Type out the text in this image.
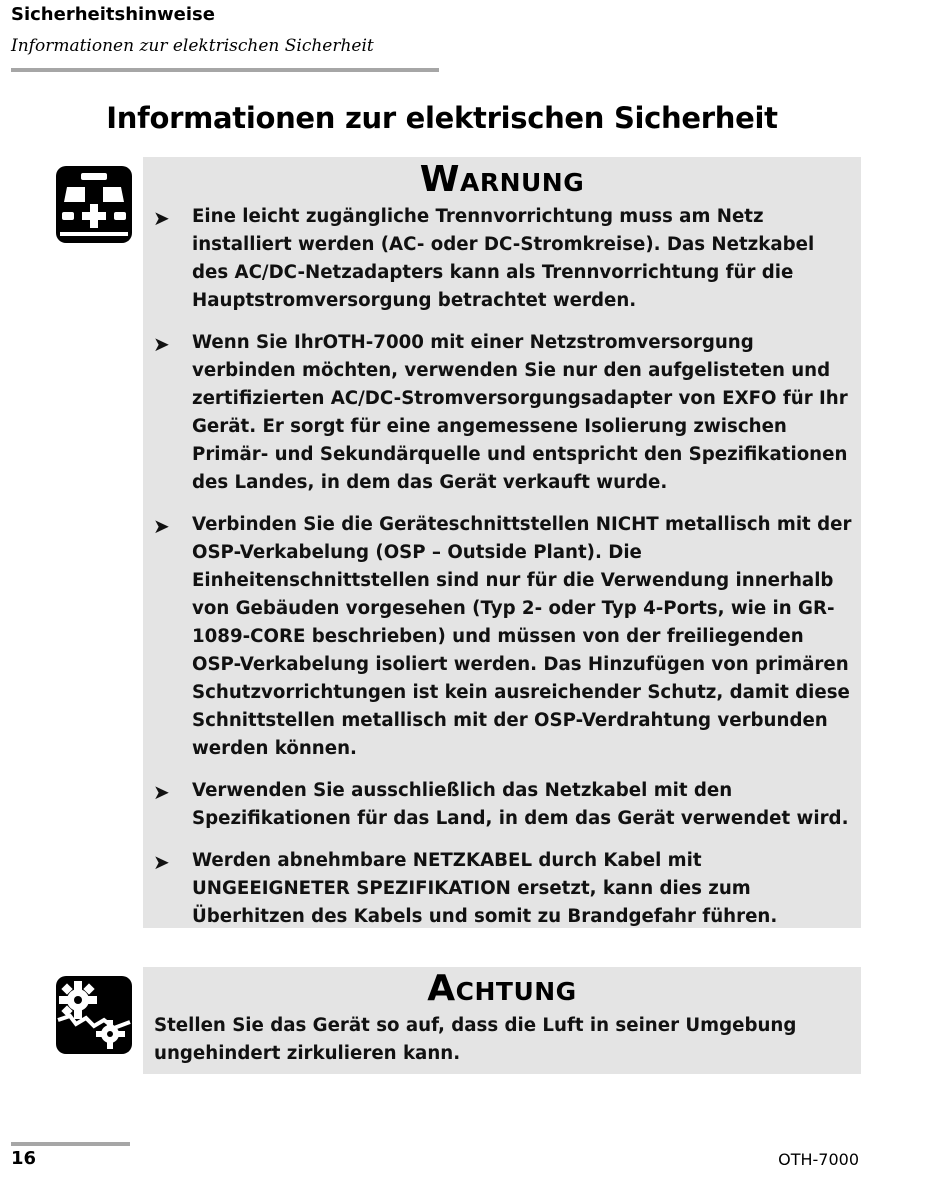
Sicherheitshinweise
Informationen zur elektrischen Sicherheit
Informationen zur elektrischen Sicherheit
WARNUNG
➤ Eine leicht zugängliche Trennvorrichtung muss am Netz installiert werden (AC- oder DC-Stromkreise). Das Netzkabel des AC/DC-Netzadapters kann als Trennvorrichtung für die Hauptstromversorgung betrachtet werden.
➤ Wenn Sie IhrOTH-7000 mit einer Netzstromversorgung verbinden möchten, verwenden Sie nur den aufgelisteten und zertifizierten AC/DC-Stromversorgungsadapter von EXFO für Ihr Gerät. Er sorgt für eine angemessene Isolierung zwischen Primär- und Sekundärquelle und entspricht den Spezifikationen des Landes, in dem das Gerät verkauft wurde.
➤ Verbinden Sie die Geräteschnittstellen NICHT metallisch mit der OSP-Verkabelung (OSP – Outside Plant). Die Einheitenschnittstellen sind nur für die Verwendung innerhalb von Gebäuden vorgesehen (Typ 2- oder Typ 4-Ports, wie in GR-1089-CORE beschrieben) und müssen von der freiliegenden OSP-Verkabelung isoliert werden. Das Hinzufügen von primären Schutzvorrichtungen ist kein ausreichender Schutz, damit diese Schnittstellen metallisch mit der OSP-Verdrahtung verbunden werden können.
➤ Verwenden Sie ausschließlich das Netzkabel mit den Spezifikationen für das Land, in dem das Gerät verwendet wird.
➤ Werden abnehmbare NETZKABEL durch Kabel mit UNGEEIGNETER SPEZIFIKATION ersetzt, kann dies zum Überhitzen des Kabels und somit zu Brandgefahr führen.
ACHTUNG
Stellen Sie das Gerät so auf, dass die Luft in seiner Umgebung ungehindert zirkulieren kann.
16	OTH-7000
